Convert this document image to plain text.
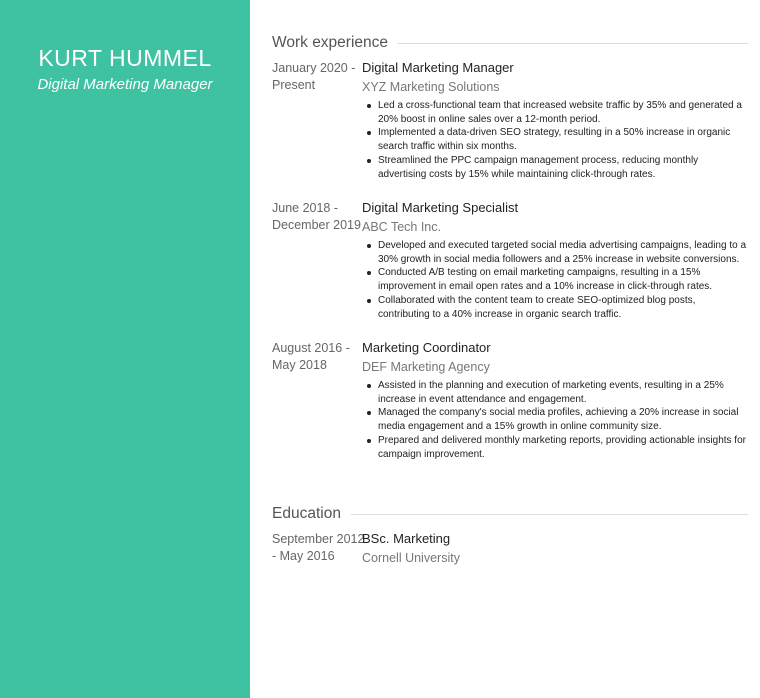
KURT HUMMEL
Digital Marketing Manager
Work experience
January 2020 -
Present
Digital Marketing Manager
XYZ Marketing Solutions
Led a cross-functional team that increased website traffic by 35% and generated a 20% boost in online sales over a 12-month period.
Implemented a data-driven SEO strategy, resulting in a 50% increase in organic search traffic within six months.
Streamlined the PPC campaign management process, reducing monthly advertising costs by 15% while maintaining click-through rates.
June 2018 -
December 2019
Digital Marketing Specialist
ABC Tech Inc.
Developed and executed targeted social media advertising campaigns, leading to a 30% growth in social media followers and a 25% increase in website conversions.
Conducted A/B testing on email marketing campaigns, resulting in a 15% improvement in email open rates and a 10% increase in click-through rates.
Collaborated with the content team to create SEO-optimized blog posts, contributing to a 40% increase in organic search traffic.
August 2016 -
May 2018
Marketing Coordinator
DEF Marketing Agency
Assisted in the planning and execution of marketing events, resulting in a 25% increase in event attendance and engagement.
Managed the company's social media profiles, achieving a 20% increase in social media engagement and a 15% growth in online community size.
Prepared and delivered monthly marketing reports, providing actionable insights for campaign improvement.
Education
September 2012
- May 2016
BSc. Marketing
Cornell University
